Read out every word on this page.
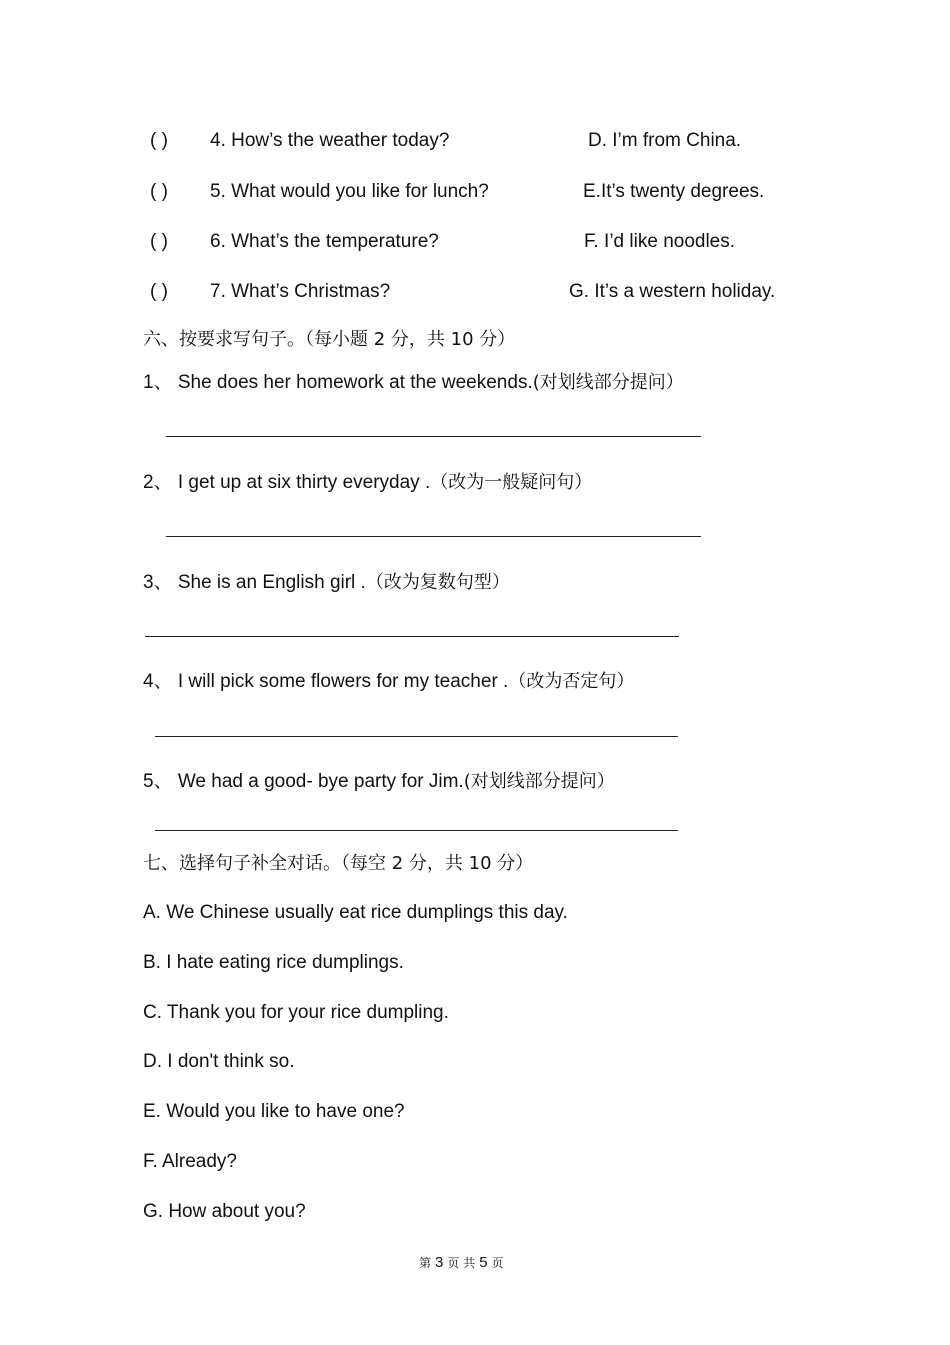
( ) 4. How’s the weather today?	D. I’m from China.
( ) 5. What would you like for lunch?	E.It’s twenty degrees.
( ) 6. What’s the temperature?	F. I’d like noodles.
( ) 7. What’s Christmas?	G. It’s a western holiday.
六、按要求写句子。（每小题 2 分，共 10 分）
1、 She does her homework at the weekends.(对划线部分提问）
2、 I get up at six thirty everyday .（改为一般疑问句）
3、 She is an English girl .（改为复数句型）
4、 I will pick some flowers for my teacher .（改为否定句）
5、 We had a good- bye party for Jim.(对划线部分提问）
七、选择句子补全对话。（每空 2 分，共 10 分）
A. We Chinese usually eat rice dumplings this day.
B. I hate eating rice dumplings.
C. Thank you for your rice dumpling.
D. I don't think so.
E. Would you like to have one?
F. Already?
G. How about you?
第 3 页 共 5 页
